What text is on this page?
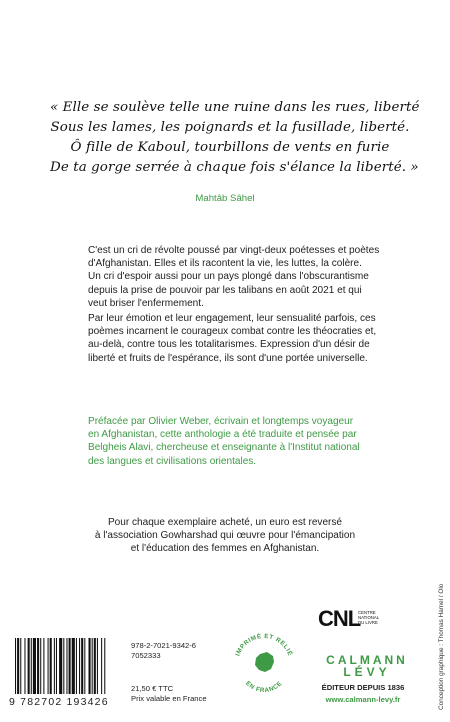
« Elle se soulève telle une ruine dans les rues, liberté
Sous les lames, les poignards et la fusillade, liberté.
Ô fille de Kaboul, tourbillons de vents en furie
De ta gorge serrée à chaque fois s'élance la liberté. »
Mahtâb Sâhel

C'est un cri de révolte poussé par vingt-deux poétesses et poètes

d'Afghanistan. Elles et ils racontent la vie, les luttes, la colère.

Un cri d'espoir aussi pour un pays plongé dans l'obscurantisme

depuis la prise de pouvoir par les talibans en août 2021 et qui

veut briser l'enfermement.

Par leur émotion et leur engagement, leur sensualité parfois, ces

poèmes incarnent le courageux combat contre les théocraties et,

au-delà, contre tous les totalitarismes. Expression d'un désir de

liberté et fruits de l'espérance, ils sont d'une portée universelle.

Préfacée par Olivier Weber, écrivain et longtemps voyageur

en Afghanistan, cette anthologie a été traduite et pensée par

Belgheis Alavi, chercheuse et enseignante à l'Institut national

des langues et civilisations orientales.

Pour chaque exemplaire acheté, un euro est reversé

à l'association Gowharshad qui œuvre pour l'émancipation

et l'éducation des femmes en Afghanistan.

9 782702 193426

978-2-7021-9342-6

7052333

21,50 € TTC

Prix valable en France

IMPRIMÉ ET RELIÉ
EN FRANCE
CNL

CENTRE

NATIONAL

DU LIVRE

CALMANN
LÉVY
ÉDITEUR DEPUIS 1836
www.calmann-levy.fr	Conception graphique : Thomas Hamel / Olo
